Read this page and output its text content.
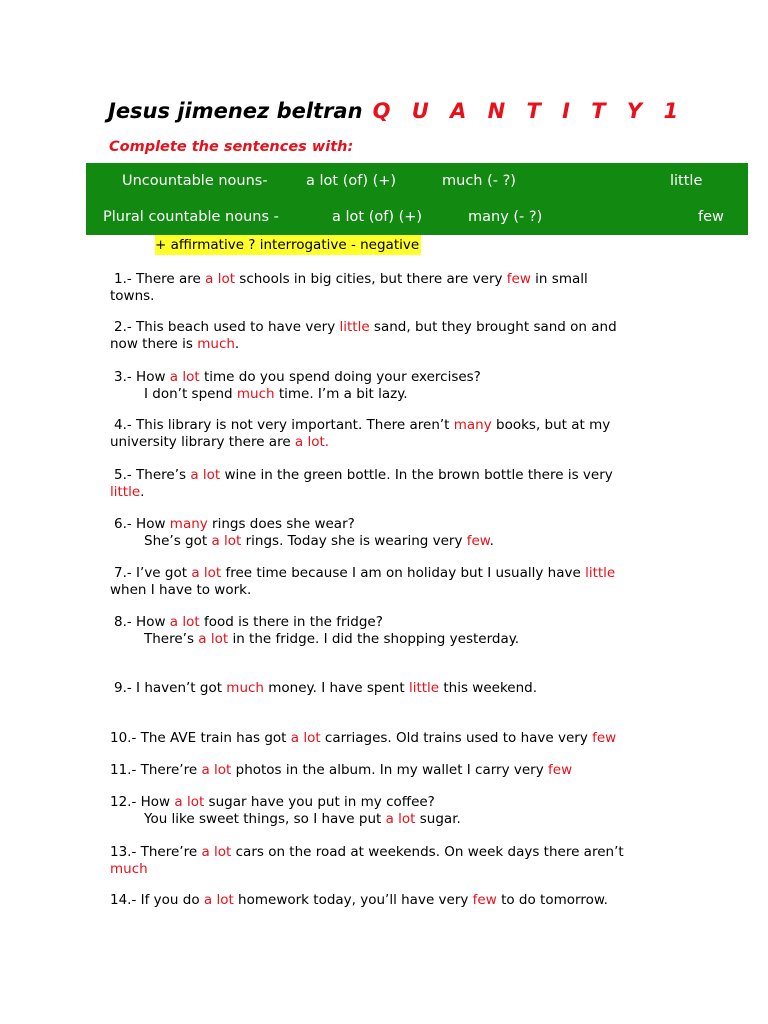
Jesus jimenez beltran Q U A N T I T Y 1
Complete the sentences with:
Uncountable nouns-	a lot (of) (+)	much (- ?)	little
Plural countable nouns -	a lot (of) (+)	many (- ?)	few
+ affirmative ? interrogative - negative
1.- There are a lot schools in big cities, but there are very few in small
towns.
2.- This beach used to have very little sand, but they brought sand on and
now there is much.
3.- How a lot time do you spend doing your exercises?
I don’t spend much time. I’m a bit lazy.
4.- This library is not very important. There aren’t many books, but at my
university library there are a lot.
5.- There’s a lot wine in the green bottle. In the brown bottle there is very
little.
6.- How many rings does she wear?
She’s got a lot rings. Today she is wearing very few.
7.- I’ve got a lot free time because I am on holiday but I usually have little
when I have to work.
8.- How a lot food is there in the fridge?
There’s a lot in the fridge. I did the shopping yesterday.
9.- I haven’t got much money. I have spent little this weekend.
10.- The AVE train has got a lot carriages. Old trains used to have very few
11.- There’re a lot photos in the album. In my wallet I carry very few
12.- How a lot sugar have you put in my coffee?
You like sweet things, so I have put a lot sugar.
13.- There’re a lot cars on the road at weekends. On week days there aren’t
much
14.- If you do a lot homework today, you’ll have very few to do tomorrow.
